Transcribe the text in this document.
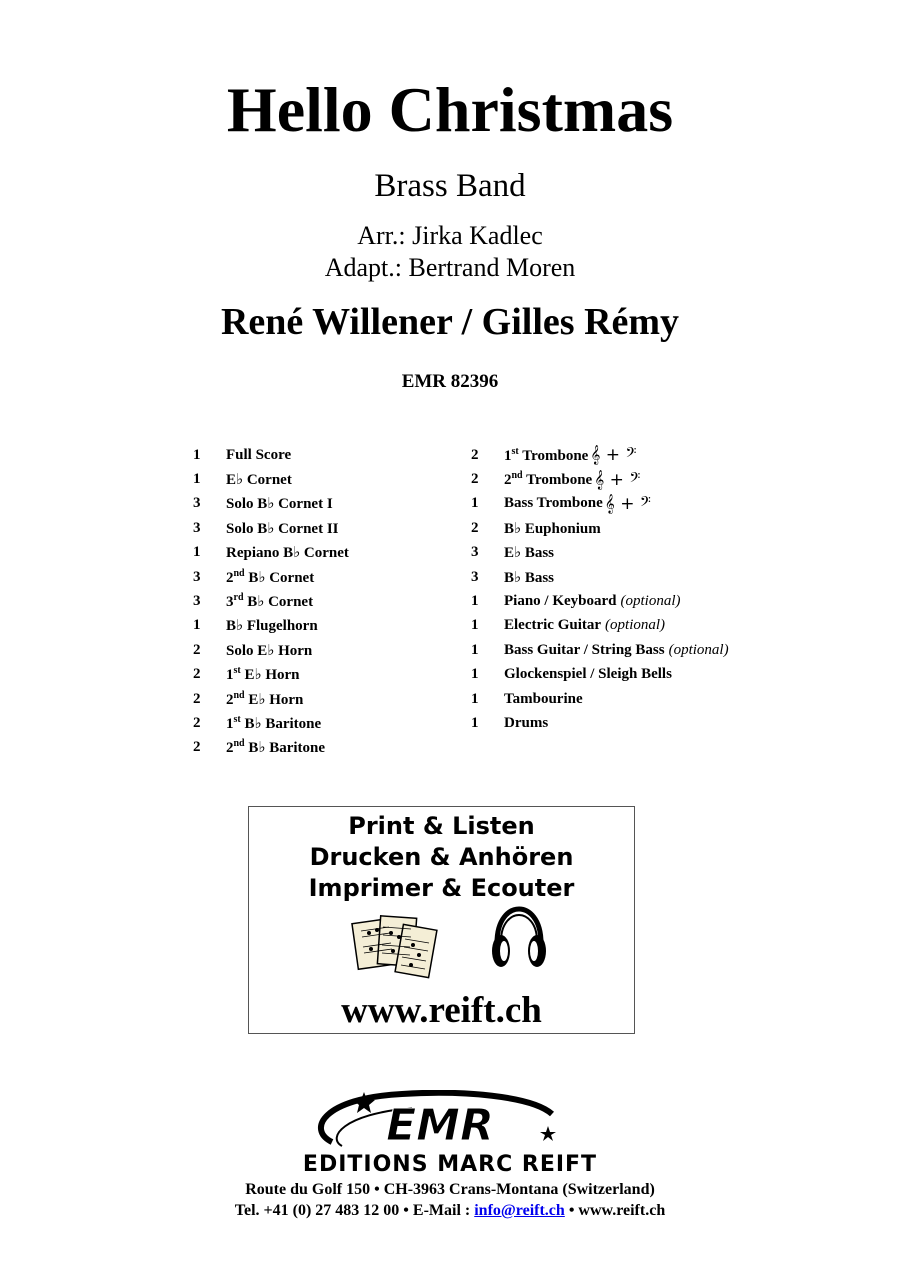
Hello Christmas
Brass Band
Arr.: Jirka Kadlec
Adapt.: Bertrand Moren
René Willener / Gilles Rémy
EMR 82396
1	Full Score
1	E♭ Cornet
3	Solo B♭ Cornet I
3	Solo B♭ Cornet II
1	Repiano B♭ Cornet
3	2nd B♭ Cornet
3	3rd B♭ Cornet
1	B♭ Flugelhorn
2	Solo E♭ Horn
2	1st E♭ Horn
2	2nd E♭ Horn
2	1st B♭ Baritone
2	2nd B♭ Baritone
2	1st Trombone 𝄞 + 𝄢
2	2nd Trombone 𝄞 + 𝄢
1	Bass Trombone 𝄞 + 𝄢
2	B♭ Euphonium
3	E♭ Bass
3	B♭ Bass
1	Piano / Keyboard (optional)
1	Electric Guitar (optional)
1	Bass Guitar / String Bass (optional)
1	Glockenspiel / Sleigh Bells
1	Tambourine
1	Drums
Print & Listen
Drucken & Anhören
Imprimer & Ecouter
www.reift.ch
EMR
EDITIONS MARC REIFT
Route du Golf 150 • CH-3963 Crans-Montana (Switzerland)
Tel. +41 (0) 27 483 12 00 • E-Mail : info@reift.ch • www.reift.ch
